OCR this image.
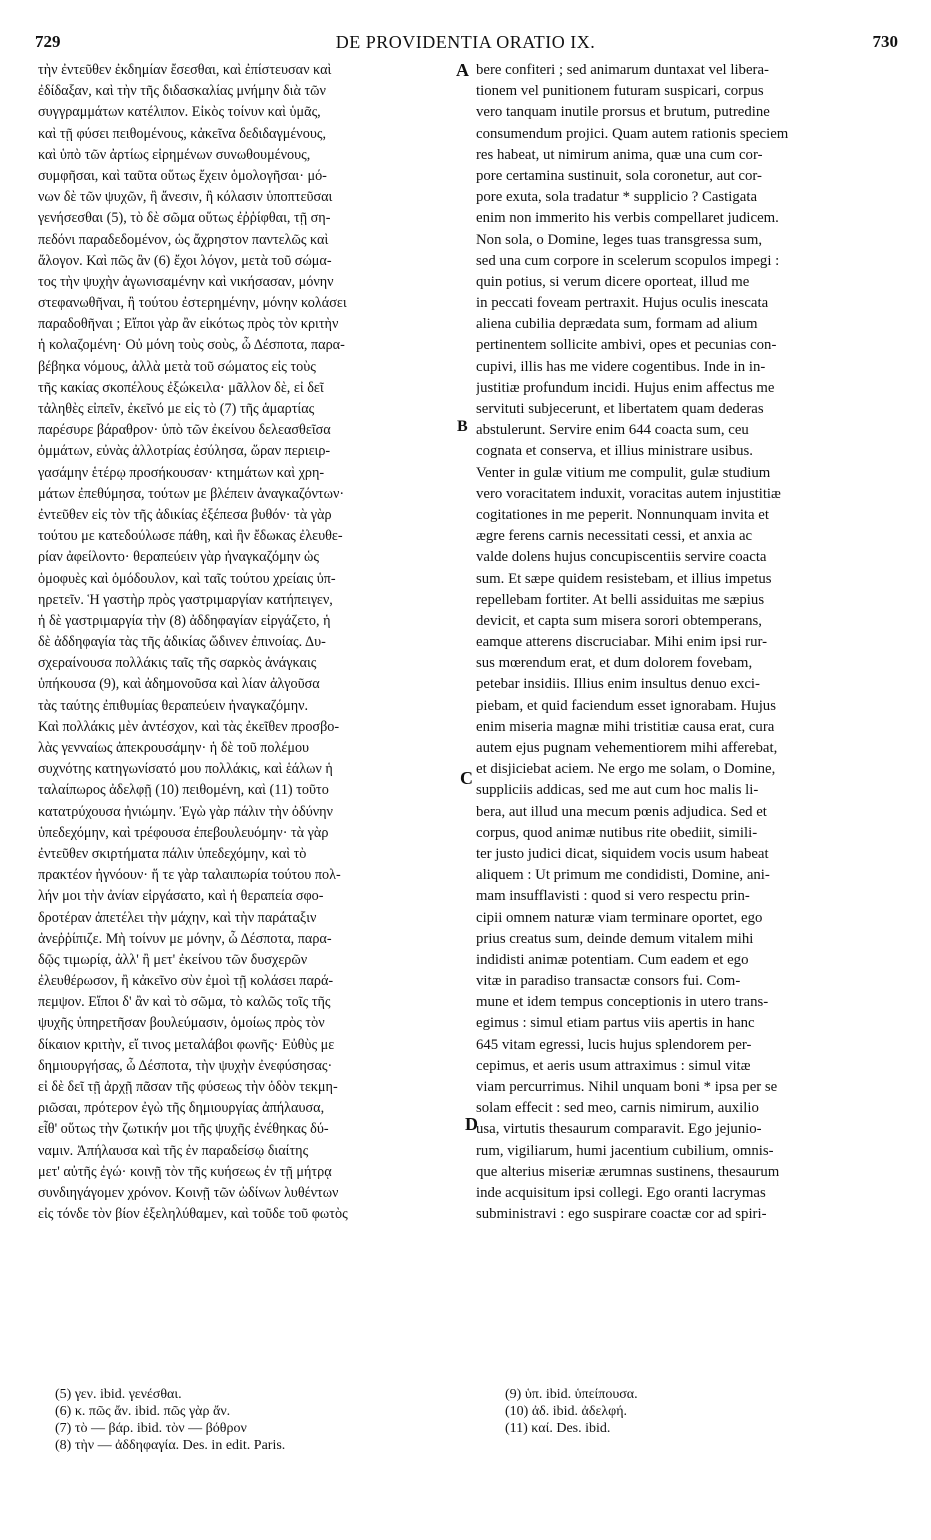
729	DE PROVIDENTIA ORATIO IX.	730
τὴν ἐντεῦθεν ἐκδημίαν ἔσεσθαι, καὶ ἐπίστευσαν καὶ
ἐδίδαξαν, καὶ τὴν τῆς διδασκαλίας μνήμην διὰ τῶν
συγγραμμάτων κατέλιπον. Εἰκὸς τοίνυν καὶ ὑμᾶς,
καὶ τῇ φύσει πειθομένους, κἀκεῖνα δεδιδαγμένους,
καὶ ὑπὸ τῶν ἀρτίως εἰρημένων συνωθουμένους,
συμφῆσαι, καὶ ταῦτα οὕτως ἔχειν ὁμολογῆσαι· μό-
νων δὲ τῶν ψυχῶν, ἢ ἄνεσιν, ἢ κόλασιν ὑποπτεῦσαι
γενήσεσθαι (5), τὸ δὲ σῶμα οὕτως ἐῤῥίφθαι, τῇ ση-
πεδόνι παραδεδομένον, ὡς ἄχρηστον παντελῶς καὶ
ἄλογον. Καὶ πῶς ἂν (6) ἔχοι λόγον, μετὰ τοῦ σώμα-
τος τὴν ψυχὴν ἀγωνισαμένην καὶ νικήσασαν, μόνην
στεφανωθῆναι, ἢ τούτου ἐστερημένην, μόνην κολάσει
παραδοθῆναι ; Εἴποι γὰρ ἂν εἰκότως πρὸς τὸν κριτὴν
ἡ κολαζομένη· Οὐ μόνη τοὺς σοὺς, ὦ Δέσποτα, παρα-
βέβηκα νόμους, ἀλλὰ μετὰ τοῦ σώματος εἰς τοὺς
τῆς κακίας σκοπέλους ἐξώκειλα· μᾶλλον δὲ, εἰ δεῖ
τἀληθὲς εἰπεῖν, ἐκεῖνό με εἰς τὸ (7) τῆς ἁμαρτίας
παρέσυρε βάραθρον· ὑπὸ τῶν ἐκείνου δελεασθεῖσα
ὀμμάτων, εὐνὰς ἀλλοτρίας ἐσύλησα, ὥραν περιειρ-
γασάμην ἑτέρῳ προσήκουσαν· κτημάτων καὶ χρη-
μάτων ἐπεθύμησα, τούτων με βλέπειν ἀναγκαζόντων·
ἐντεῦθεν εἰς τὸν τῆς ἀδικίας ἐξέπεσα βυθόν· τὰ γὰρ
τούτου με κατεδούλωσε πάθη, καὶ ἣν ἔδωκας ἐλευθε-
ρίαν ἀφείλοντο· θεραπεύειν γὰρ ἠναγκαζόμην ὡς
ὁμοφυὲς καὶ ὁμόδουλον, καὶ ταῖς τούτου χρείαις ὑπ-
ηρετεῖν. Ἡ γαστὴρ πρὸς γαστριμαργίαν κατήπειγεν,
ἡ δὲ γαστριμαργία τὴν (8) ἀδδηφαγίαν εἰργάζετο, ἡ
δὲ ἀδδηφαγία τὰς τῆς ἀδικίας ὤδινεν ἐπινοίας. Δυ-
σχεραίνουσα πολλάκις ταῖς τῆς σαρκὸς ἀνάγκαις
ὑπήκουσα (9), καὶ ἀδημονοῦσα καὶ λίαν ἀλγοῦσα
τὰς ταύτης ἐπιθυμίας θεραπεύειν ἠναγκαζόμην.
Καὶ πολλάκις μὲν ἀντέσχον, καὶ τὰς ἐκεῖθεν προσβο-
λὰς γενναίως ἀπεκρουσάμην· ἡ δὲ τοῦ πολέμου
συχνότης κατηγωνίσατό μου πολλάκις, καὶ ἑάλων ἡ
ταλαίπωρος ἀδελφῇ (10) πειθομένη, καὶ (11) τοῦτο
κατατρύχουσα ἠνιώμην. Ἐγὼ γὰρ πάλιν τὴν ὀδύνην
ὑπεδεχόμην, καὶ τρέφουσα ἐπεβουλευόμην· τὰ γὰρ
ἐντεῦθεν σκιρτήματα πάλιν ὑπεδεχόμην, καὶ τὸ
πρακτέον ἠγνόουν· ἥ τε γὰρ ταλαιπωρία τούτου πολ-
λήν μοι τὴν ἀνίαν εἰργάσατο, καὶ ἡ θεραπεία σφο-
δροτέραν ἀπετέλει τὴν μάχην, καὶ τὴν παράταξιν
ἀνεῤῥίπιζε. Μὴ τοίνυν με μόνην, ὦ Δέσποτα, παρα-
δῷς τιμωρίᾳ, ἀλλ' ἢ μετ' ἐκείνου τῶν δυσχερῶν
ἐλευθέρωσον, ἢ κἀκεῖνο σὺν ἐμοὶ τῇ κολάσει παρά-
πεμψον. Εἴποι δ' ἂν καὶ τὸ σῶμα, τὸ καλῶς τοῖς τῆς
ψυχῆς ὑπηρετῆσαν βουλεύμασιν, ὁμοίως πρὸς τὸν
δίκαιον κριτὴν, εἴ τινος μεταλάβοι φωνῆς· Εὐθὺς με
δημιουργήσας, ὦ Δέσποτα, τὴν ψυχὴν ἐνεφύσησας·
εἰ δὲ δεῖ τῇ ἀρχῇ πᾶσαν τῆς φύσεως τὴν ὁδὸν τεκμη-
ριῶσαι, πρότερον ἐγὼ τῆς δημιουργίας ἀπήλαυσα,
εἶθ' οὕτως τὴν ζωτικήν μοι τῆς ψυχῆς ἐνέθηκας δύ-
ναμιν. Ἀπήλαυσα καὶ τῆς ἐν παραδείσῳ διαίτης
μετ' αὐτῆς ἐγώ· κοινῇ τὸν τῆς κυήσεως ἐν τῇ μήτρᾳ
συνδιηγάγομεν χρόνον. Κοινῇ τῶν ὠδίνων λυθέντων
εἰς τόνδε τὸν βίον ἐξεληλύθαμεν, καὶ τοῦδε τοῦ φωτὸς
bere confiteri ; sed animarum duntaxat vel libera-
tionem vel punitionem futuram suspicari, corpus
vero tanquam inutile prorsus et brutum, putredine
consumendum projici. Quam autem rationis speciem
res habeat, ut nimirum anima, quæ una cum cor-
pore certamina sustinuit, sola coronetur, aut cor-
pore exuta, sola tradatur * supplicio ? Castigata
enim non immerito his verbis compellaret judicem.
Non sola, o Domine, leges tuas transgressa sum,
sed una cum corpore in scelerum scopulos impegi :
quin potius, si verum dicere oporteat, illud me
in peccati foveam pertraxit. Hujus oculis inescata
aliena cubilia deprædata sum, formam ad alium
pertinentem sollicite ambivi, opes et pecunias con-
cupivi, illis has me videre cogentibus. Inde in in-
justitiæ profundum incidi. Hujus enim affectus me
servituti subjecerunt, et libertatem quam dederas
abstulerunt. Servire enim 644 coacta sum, ceu
cognata et conserva, et illius ministrare usibus.
Venter in gulæ vitium me compulit, gulæ studium
vero voracitatem induxit, voracitas autem injustitiæ
cogitationes in me peperit. Nonnunquam invita et
ægre ferens carnis necessitati cessi, et anxia ac
valde dolens hujus concupiscentiis servire coacta
sum. Et sæpe quidem resistebam, et illius impetus
repellebam fortiter. At belli assiduitas me sæpius
devicit, et capta sum misera sorori obtemperans,
eamque atterens discruciabar. Mihi enim ipsi rur-
sus mœrendum erat, et dum dolorem fovebam,
petebar insidiis. Illius enim insultus denuo exci-
piebam, et quid faciendum esset ignorabam. Hujus
enim miseria magnæ mihi tristitiæ causa erat, cura
autem ejus pugnam vehementiorem mihi afferebat,
et disjiciebat aciem. Ne ergo me solam, o Domine,
suppliciis addicas, sed me aut cum hoc malis li-
bera, aut illud una mecum pœnis adjudica. Sed et
corpus, quod animæ nutibus rite obediit, simili-
ter justo judici dicat, siquidem vocis usum habeat
aliquem : Ut primum me condidisti, Domine, ani-
mam insufflavisti : quod si vero respectu prin-
cipii omnem naturæ viam terminare oportet, ego
prius creatus sum, deinde demum vitalem mihi
indidisti animæ potentiam. Cum eadem et ego
vitæ in paradiso transactæ consors fui. Com-
mune et idem tempus conceptionis in utero trans-
egimus : simul etiam partus viis apertis in hanc
645 vitam egressi, lucis hujus splendorem per-
cepimus, et aeris usum attraximus : simul vitæ
viam percurrimus. Nihil unquam boni * ipsa per se
solam effecit : sed meo, carnis nimirum, auxilio
usa, virtutis thesaurum comparavit. Ego jejunio-
rum, vigiliarum, humi jacentium cubilium, omnis-
que alterius miseriæ ærumnas sustinens, thesaurum
inde acquisitum ipsi collegi. Ego oranti lacrymas
subministravi : ego suspirare coactæ cor ad spiri-
A
B
C
D
(5) γεν. ibid. γενέσθαι.
(6) κ. πῶς ἄν. ibid. πῶς γὰρ ἄν.
(7) τὸ — βάρ. ibid. τὸν — βόθρον
(8) τὴν — ἀδδηφαγία. Des. in edit. Paris.
(9) ὑπ. ibid. ὑπείπουσα.
(10) ἀδ. ibid. ἀδελφή.
(11) καί. Des. ibid.
